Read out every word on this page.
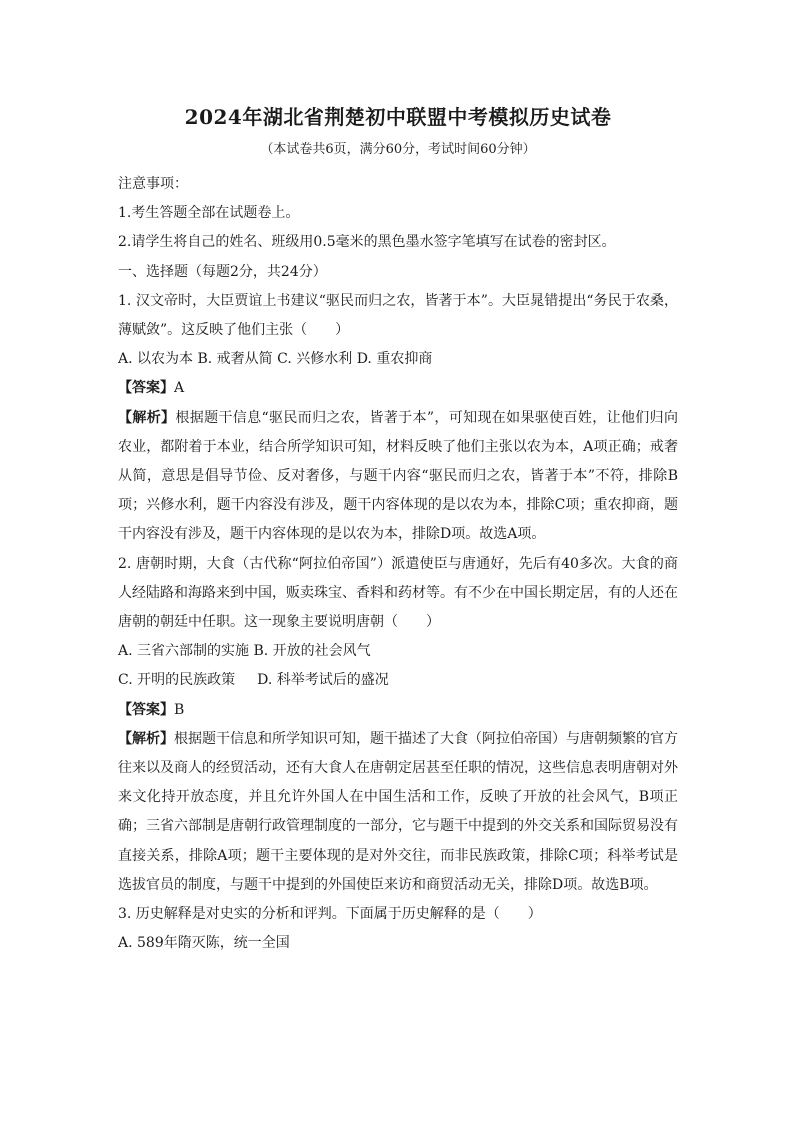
2024年湖北省荆楚初中联盟中考模拟历史试卷

（本试卷共6页，满分60分，考试时间60分钟）

注意事项：

1.考生答题全部在试题卷上。

2.请学生将自己的姓名、班级用0.5毫米的黑色墨水签字笔填写在试卷的密封区。

一、选择题（每题2分，共24分）

1. 汉文帝时，大臣贾谊上书建议“驱民而归之农，皆著于本”。大臣晁错提出“务民于农桑，薄赋敛”。这反映了他们主张（　　）

A. 以农为本 B. 戒奢从简 C. 兴修水利 D. 重农抑商

【答案】A

【解析】根据题干信息“驱民而归之农，皆著于本”，可知现在如果驱使百姓，让他们归向农业，都附着于本业，结合所学知识可知，材料反映了他们主张以农为本，A项正确；戒奢从简，意思是倡导节俭、反对奢侈，与题干内容“驱民而归之农，皆著于本”不符，排除B项；兴修水利，题干内容没有涉及，题干内容体现的是以农为本，排除C项；重农抑商，题干内容没有涉及，题干内容体现的是以农为本，排除D项。故选A项。

2. 唐朝时期，大食（古代称“阿拉伯帝国”）派遣使臣与唐通好，先后有40多次。大食的商人经陆路和海路来到中国，贩卖珠宝、香料和药材等。有不少在中国长期定居，有的人还在唐朝的朝廷中任职。这一现象主要说明唐朝（　　）

A. 三省六部制的实施 B. 开放的社会风气

C. 开明的民族政策 D. 科举考试后的盛况

【答案】B

【解析】根据题干信息和所学知识可知，题干描述了大食（阿拉伯帝国）与唐朝频繁的官方往来以及商人的经贸活动，还有大食人在唐朝定居甚至任职的情况，这些信息表明唐朝对外来文化持开放态度，并且允许外国人在中国生活和工作，反映了开放的社会风气，B项正确；三省六部制是唐朝行政管理制度的一部分，它与题干中提到的外交关系和国际贸易没有直接关系，排除A项；题干主要体现的是对外交往，而非民族政策，排除C项；科举考试是选拔官员的制度，与题干中提到的外国使臣来访和商贸活动无关，排除D项。故选B项。

3. 历史解释是对史实的分析和评判。下面属于历史解释的是（　　）

A. 589年隋灭陈，统一全国
